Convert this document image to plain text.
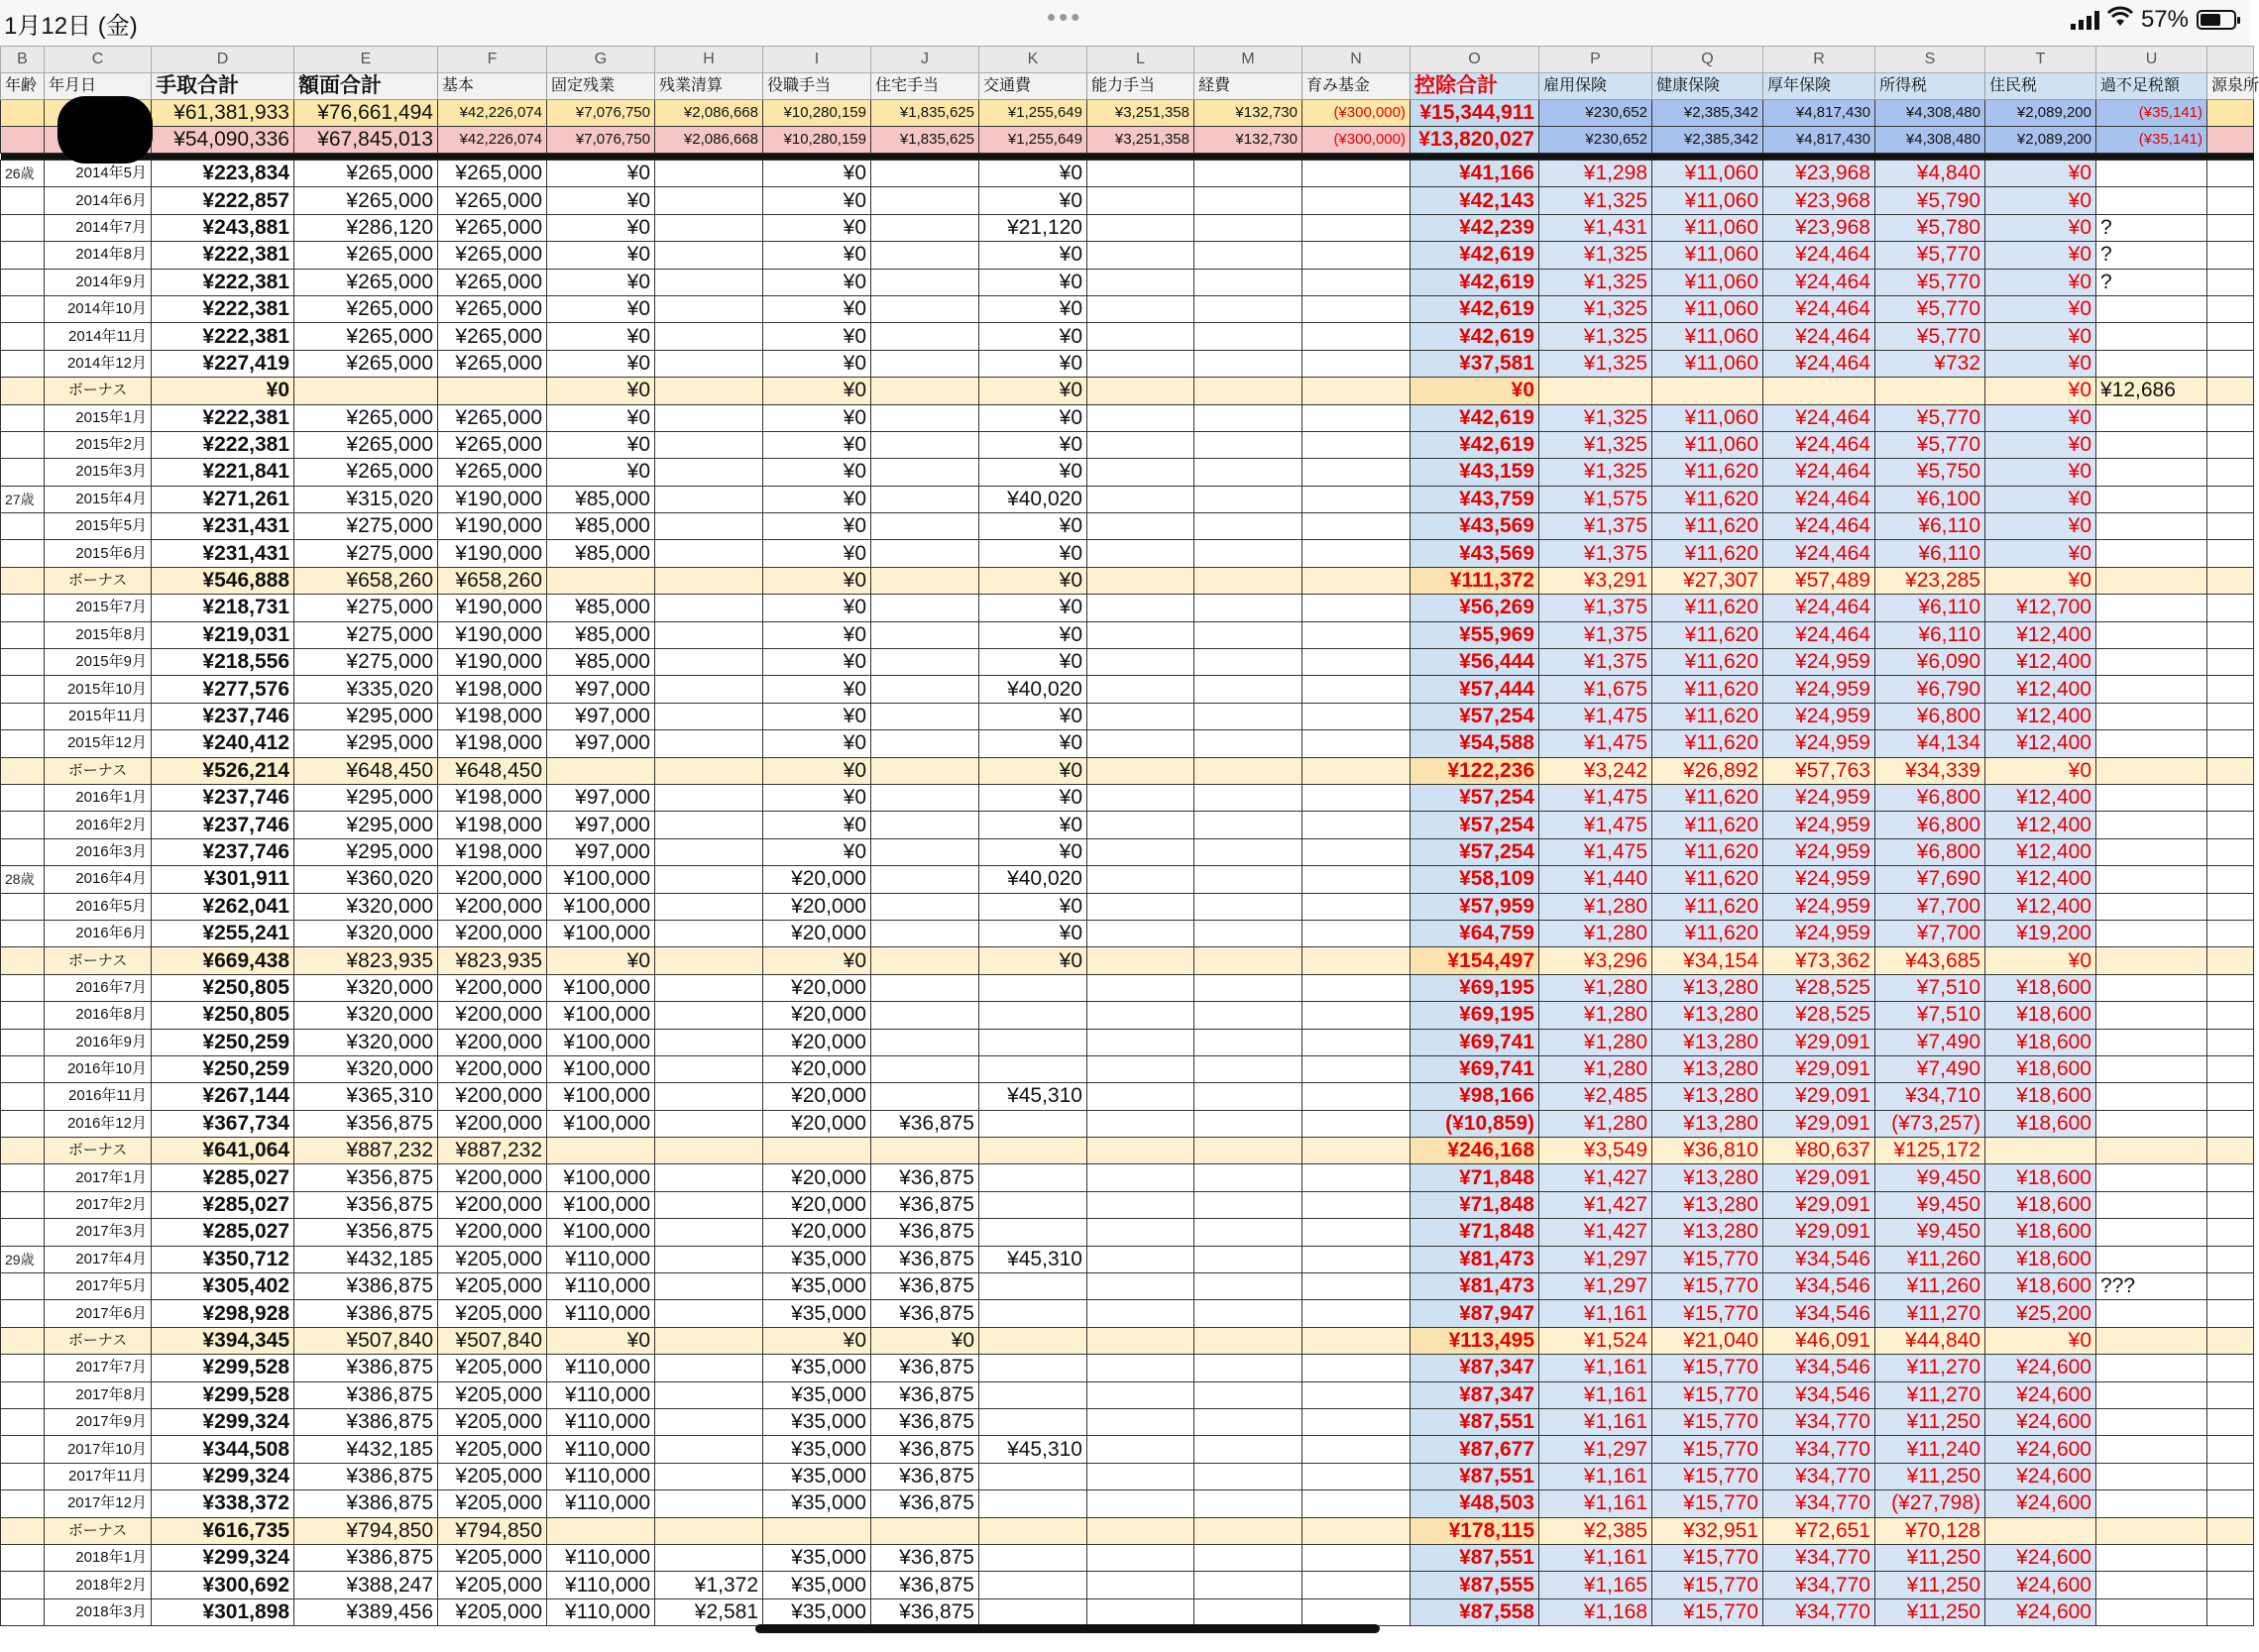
1月12日 (金)	•••	57%
B	C	D	E	F	G	H	I	J	K	L	M	N	O	P	Q	R	S	T	U	
年齢	年月日	手取合計	額面合計	基本	固定残業	残業清算	役職手当	住宅手当	交通費	能力手当	経費	育み基金	控除合計	雇用保険	健康保険	厚年保険	所得税	住民税	過不足税額	源泉所
		¥61,381,933	¥76,661,494	¥42,226,074	¥7,076,750	¥2,086,668	¥10,280,159	¥1,835,625	¥1,255,649	¥3,251,358	¥132,730	(¥300,000)	¥15,344,911	¥230,652	¥2,385,342	¥4,817,430	¥4,308,480	¥2,089,200	(¥35,141)	
		¥54,090,336	¥67,845,013	¥42,226,074	¥7,076,750	¥2,086,668	¥10,280,159	¥1,835,625	¥1,255,649	¥3,251,358	¥132,730	(¥300,000)	¥13,820,027	¥230,652	¥2,385,342	¥4,817,430	¥4,308,480	¥2,089,200	(¥35,141)	

26歳	2014年5月	¥223,834	¥265,000	¥265,000	¥0		¥0		¥0				¥41,166	¥1,298	¥11,060	¥23,968	¥4,840	¥0		
	2014年6月	¥222,857	¥265,000	¥265,000	¥0		¥0		¥0				¥42,143	¥1,325	¥11,060	¥23,968	¥5,790	¥0		
	2014年7月	¥243,881	¥286,120	¥265,000	¥0		¥0		¥21,120				¥42,239	¥1,431	¥11,060	¥23,968	¥5,780	¥0	?	
	2014年8月	¥222,381	¥265,000	¥265,000	¥0		¥0		¥0				¥42,619	¥1,325	¥11,060	¥24,464	¥5,770	¥0	?	
	2014年9月	¥222,381	¥265,000	¥265,000	¥0		¥0		¥0				¥42,619	¥1,325	¥11,060	¥24,464	¥5,770	¥0	?	
	2014年10月	¥222,381	¥265,000	¥265,000	¥0		¥0		¥0				¥42,619	¥1,325	¥11,060	¥24,464	¥5,770	¥0		
	2014年11月	¥222,381	¥265,000	¥265,000	¥0		¥0		¥0				¥42,619	¥1,325	¥11,060	¥24,464	¥5,770	¥0		
	2014年12月	¥227,419	¥265,000	¥265,000	¥0		¥0		¥0				¥37,581	¥1,325	¥11,060	¥24,464	¥732	¥0		
	ボーナス	¥0			¥0		¥0		¥0				¥0					¥0	¥12,686	
	2015年1月	¥222,381	¥265,000	¥265,000	¥0		¥0		¥0				¥42,619	¥1,325	¥11,060	¥24,464	¥5,770	¥0		
	2015年2月	¥222,381	¥265,000	¥265,000	¥0		¥0		¥0				¥42,619	¥1,325	¥11,060	¥24,464	¥5,770	¥0		
	2015年3月	¥221,841	¥265,000	¥265,000	¥0		¥0		¥0				¥43,159	¥1,325	¥11,620	¥24,464	¥5,750	¥0		
27歳	2015年4月	¥271,261	¥315,020	¥190,000	¥85,000		¥0		¥40,020				¥43,759	¥1,575	¥11,620	¥24,464	¥6,100	¥0		
	2015年5月	¥231,431	¥275,000	¥190,000	¥85,000		¥0		¥0				¥43,569	¥1,375	¥11,620	¥24,464	¥6,110	¥0		
	2015年6月	¥231,431	¥275,000	¥190,000	¥85,000		¥0		¥0				¥43,569	¥1,375	¥11,620	¥24,464	¥6,110	¥0		
	ボーナス	¥546,888	¥658,260	¥658,260			¥0		¥0				¥111,372	¥3,291	¥27,307	¥57,489	¥23,285	¥0		
	2015年7月	¥218,731	¥275,000	¥190,000	¥85,000		¥0		¥0				¥56,269	¥1,375	¥11,620	¥24,464	¥6,110	¥12,700		
	2015年8月	¥219,031	¥275,000	¥190,000	¥85,000		¥0		¥0				¥55,969	¥1,375	¥11,620	¥24,464	¥6,110	¥12,400		
	2015年9月	¥218,556	¥275,000	¥190,000	¥85,000		¥0		¥0				¥56,444	¥1,375	¥11,620	¥24,959	¥6,090	¥12,400		
	2015年10月	¥277,576	¥335,020	¥198,000	¥97,000		¥0		¥40,020				¥57,444	¥1,675	¥11,620	¥24,959	¥6,790	¥12,400		
	2015年11月	¥237,746	¥295,000	¥198,000	¥97,000		¥0		¥0				¥57,254	¥1,475	¥11,620	¥24,959	¥6,800	¥12,400		
	2015年12月	¥240,412	¥295,000	¥198,000	¥97,000		¥0		¥0				¥54,588	¥1,475	¥11,620	¥24,959	¥4,134	¥12,400		
	ボーナス	¥526,214	¥648,450	¥648,450			¥0		¥0				¥122,236	¥3,242	¥26,892	¥57,763	¥34,339	¥0		
	2016年1月	¥237,746	¥295,000	¥198,000	¥97,000		¥0		¥0				¥57,254	¥1,475	¥11,620	¥24,959	¥6,800	¥12,400		
	2016年2月	¥237,746	¥295,000	¥198,000	¥97,000		¥0		¥0				¥57,254	¥1,475	¥11,620	¥24,959	¥6,800	¥12,400		
	2016年3月	¥237,746	¥295,000	¥198,000	¥97,000		¥0		¥0				¥57,254	¥1,475	¥11,620	¥24,959	¥6,800	¥12,400		
28歳	2016年4月	¥301,911	¥360,020	¥200,000	¥100,000		¥20,000		¥40,020				¥58,109	¥1,440	¥11,620	¥24,959	¥7,690	¥12,400		
	2016年5月	¥262,041	¥320,000	¥200,000	¥100,000		¥20,000		¥0				¥57,959	¥1,280	¥11,620	¥24,959	¥7,700	¥12,400		
	2016年6月	¥255,241	¥320,000	¥200,000	¥100,000		¥20,000		¥0				¥64,759	¥1,280	¥11,620	¥24,959	¥7,700	¥19,200		
	ボーナス	¥669,438	¥823,935	¥823,935	¥0		¥0		¥0				¥154,497	¥3,296	¥34,154	¥73,362	¥43,685	¥0		
	2016年7月	¥250,805	¥320,000	¥200,000	¥100,000		¥20,000						¥69,195	¥1,280	¥13,280	¥28,525	¥7,510	¥18,600		
	2016年8月	¥250,805	¥320,000	¥200,000	¥100,000		¥20,000						¥69,195	¥1,280	¥13,280	¥28,525	¥7,510	¥18,600		
	2016年9月	¥250,259	¥320,000	¥200,000	¥100,000		¥20,000						¥69,741	¥1,280	¥13,280	¥29,091	¥7,490	¥18,600		
	2016年10月	¥250,259	¥320,000	¥200,000	¥100,000		¥20,000						¥69,741	¥1,280	¥13,280	¥29,091	¥7,490	¥18,600		
	2016年11月	¥267,144	¥365,310	¥200,000	¥100,000		¥20,000		¥45,310				¥98,166	¥2,485	¥13,280	¥29,091	¥34,710	¥18,600		
	2016年12月	¥367,734	¥356,875	¥200,000	¥100,000		¥20,000	¥36,875					(¥10,859)	¥1,280	¥13,280	¥29,091	(¥73,257)	¥18,600		
	ボーナス	¥641,064	¥887,232	¥887,232									¥246,168	¥3,549	¥36,810	¥80,637	¥125,172			
	2017年1月	¥285,027	¥356,875	¥200,000	¥100,000		¥20,000	¥36,875					¥71,848	¥1,427	¥13,280	¥29,091	¥9,450	¥18,600		
	2017年2月	¥285,027	¥356,875	¥200,000	¥100,000		¥20,000	¥36,875					¥71,848	¥1,427	¥13,280	¥29,091	¥9,450	¥18,600		
	2017年3月	¥285,027	¥356,875	¥200,000	¥100,000		¥20,000	¥36,875					¥71,848	¥1,427	¥13,280	¥29,091	¥9,450	¥18,600		
29歳	2017年4月	¥350,712	¥432,185	¥205,000	¥110,000		¥35,000	¥36,875	¥45,310				¥81,473	¥1,297	¥15,770	¥34,546	¥11,260	¥18,600		
	2017年5月	¥305,402	¥386,875	¥205,000	¥110,000		¥35,000	¥36,875					¥81,473	¥1,297	¥15,770	¥34,546	¥11,260	¥18,600	???	
	2017年6月	¥298,928	¥386,875	¥205,000	¥110,000		¥35,000	¥36,875					¥87,947	¥1,161	¥15,770	¥34,546	¥11,270	¥25,200		
	ボーナス	¥394,345	¥507,840	¥507,840	¥0		¥0	¥0					¥113,495	¥1,524	¥21,040	¥46,091	¥44,840	¥0		
	2017年7月	¥299,528	¥386,875	¥205,000	¥110,000		¥35,000	¥36,875					¥87,347	¥1,161	¥15,770	¥34,546	¥11,270	¥24,600		
	2017年8月	¥299,528	¥386,875	¥205,000	¥110,000		¥35,000	¥36,875					¥87,347	¥1,161	¥15,770	¥34,546	¥11,270	¥24,600		
	2017年9月	¥299,324	¥386,875	¥205,000	¥110,000		¥35,000	¥36,875					¥87,551	¥1,161	¥15,770	¥34,770	¥11,250	¥24,600		
	2017年10月	¥344,508	¥432,185	¥205,000	¥110,000		¥35,000	¥36,875	¥45,310				¥87,677	¥1,297	¥15,770	¥34,770	¥11,240	¥24,600		
	2017年11月	¥299,324	¥386,875	¥205,000	¥110,000		¥35,000	¥36,875					¥87,551	¥1,161	¥15,770	¥34,770	¥11,250	¥24,600		
	2017年12月	¥338,372	¥386,875	¥205,000	¥110,000		¥35,000	¥36,875					¥48,503	¥1,161	¥15,770	¥34,770	(¥27,798)	¥24,600		
	ボーナス	¥616,735	¥794,850	¥794,850									¥178,115	¥2,385	¥32,951	¥72,651	¥70,128			
	2018年1月	¥299,324	¥386,875	¥205,000	¥110,000		¥35,000	¥36,875					¥87,551	¥1,161	¥15,770	¥34,770	¥11,250	¥24,600		
	2018年2月	¥300,692	¥388,247	¥205,000	¥110,000	¥1,372	¥35,000	¥36,875					¥87,555	¥1,165	¥15,770	¥34,770	¥11,250	¥24,600		
	2018年3月	¥301,898	¥389,456	¥205,000	¥110,000	¥2,581	¥35,000	¥36,875					¥87,558	¥1,168	¥15,770	¥34,770	¥11,250	¥24,600		
